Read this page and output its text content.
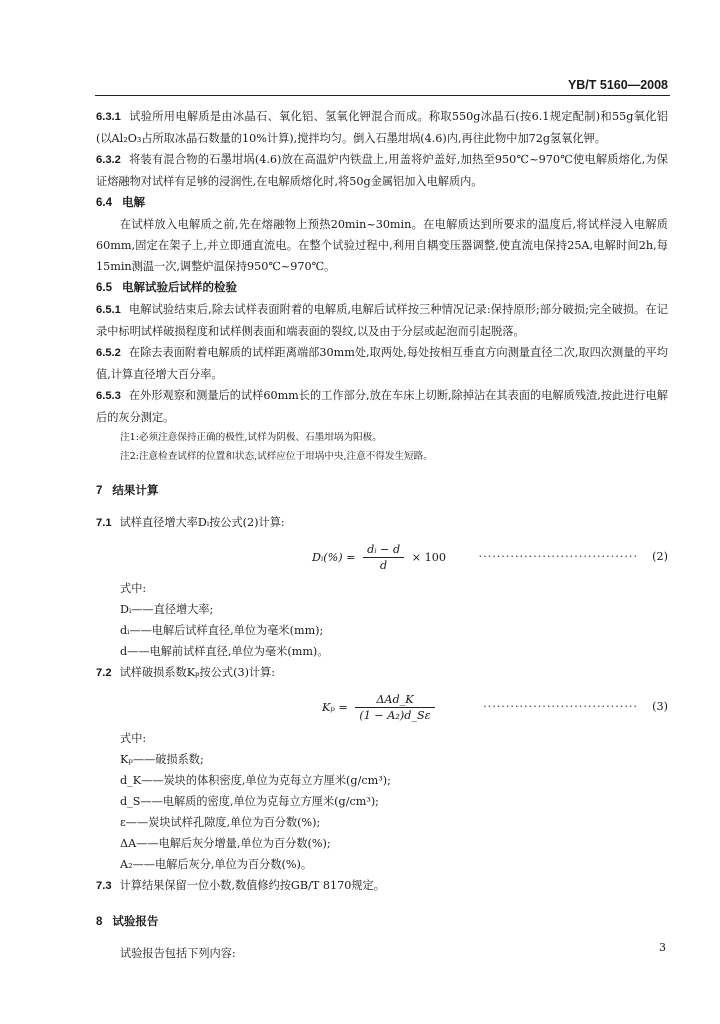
YB/T 5160—2008

6.3.1 试验所用电解质是由冰晶石、氧化铝、氢氧化钾混合而成。称取550g冰晶石(按6.1规定配制)和55g氧化铝(以Al₂O₃占所取冰晶石数量的10%计算),搅拌均匀。倒入石墨坩埚(4.6)内,再往此物中加72g氢氧化钾。

6.3.2 将装有混合物的石墨坩埚(4.6)放在高温炉内铁盘上,用盖将炉盖好,加热至950℃~970℃使电解质熔化,为保证熔融物对试样有足够的浸润性,在电解质熔化时,将50g金属铝加入电解质内。

6.4 电解

在试样放入电解质之前,先在熔融物上预热20min~30min。在电解质达到所要求的温度后,将试样浸入电解质60mm,固定在架子上,并立即通直流电。在整个试验过程中,利用自耦变压器调整,使直流电保持25A,电解时间2h,每15min测温一次,调整炉温保持950℃~970℃。

6.5 电解试验后试样的检验

6.5.1 电解试验结束后,除去试样表面附着的电解质,电解后试样按三种情况记录:保持原形;部分破损;完全破损。在记录中标明试样破损程度和试样侧表面和端表面的裂纹,以及由于分层或起泡而引起脱落。

6.5.2 在除去表面附着电解质的试样距离端部30mm处,取两处,每处按相互垂直方向测量直径二次,取四次测量的平均值,计算直径增大百分率。

6.5.3 在外形观察和测量后的试样60mm长的工作部分,放在车床上切断,除掉沾在其表面的电解质残渣,按此进行电解后的灰分测定。

注1:必须注意保持正确的极性,试样为阴极、石墨坩埚为阳极。

注2:注意检查试样的位置和状态,试样应位于坩埚中央,注意不得发生短路。

7 结果计算

7.1 试样直径增大率Dᵢ按公式(2)计算:

Dᵢ(%) = $\frac{\text{dᵢ − d}}{d} \times 100$	··································· (2)

式中:

Dᵢ——直径增大率;

dᵢ——电解后试样直径,单位为毫米(mm);

d——电解前试样直径,单位为毫米(mm)。

7.2 试样破损系数Kₚ按公式(3)计算:

$K_p = \frac{\text{ΔAd\_K}}{\text{(1 − A₂)d\_Sε}}$	·································· (3)

式中:

Kₚ——破损系数;

d_K——炭块的体积密度,单位为克每立方厘米(g/cm³);

d_S——电解质的密度,单位为克每立方厘米(g/cm³);

ε——炭块试样孔隙度,单位为百分数(%);

ΔA——电解后灰分增量,单位为百分数(%);

A₂——电解后灰分,单位为百分数(%)。

7.3 计算结果保留一位小数,数值修约按GB/T 8170规定。

8 试验报告

试验报告包括下列内容:	3
